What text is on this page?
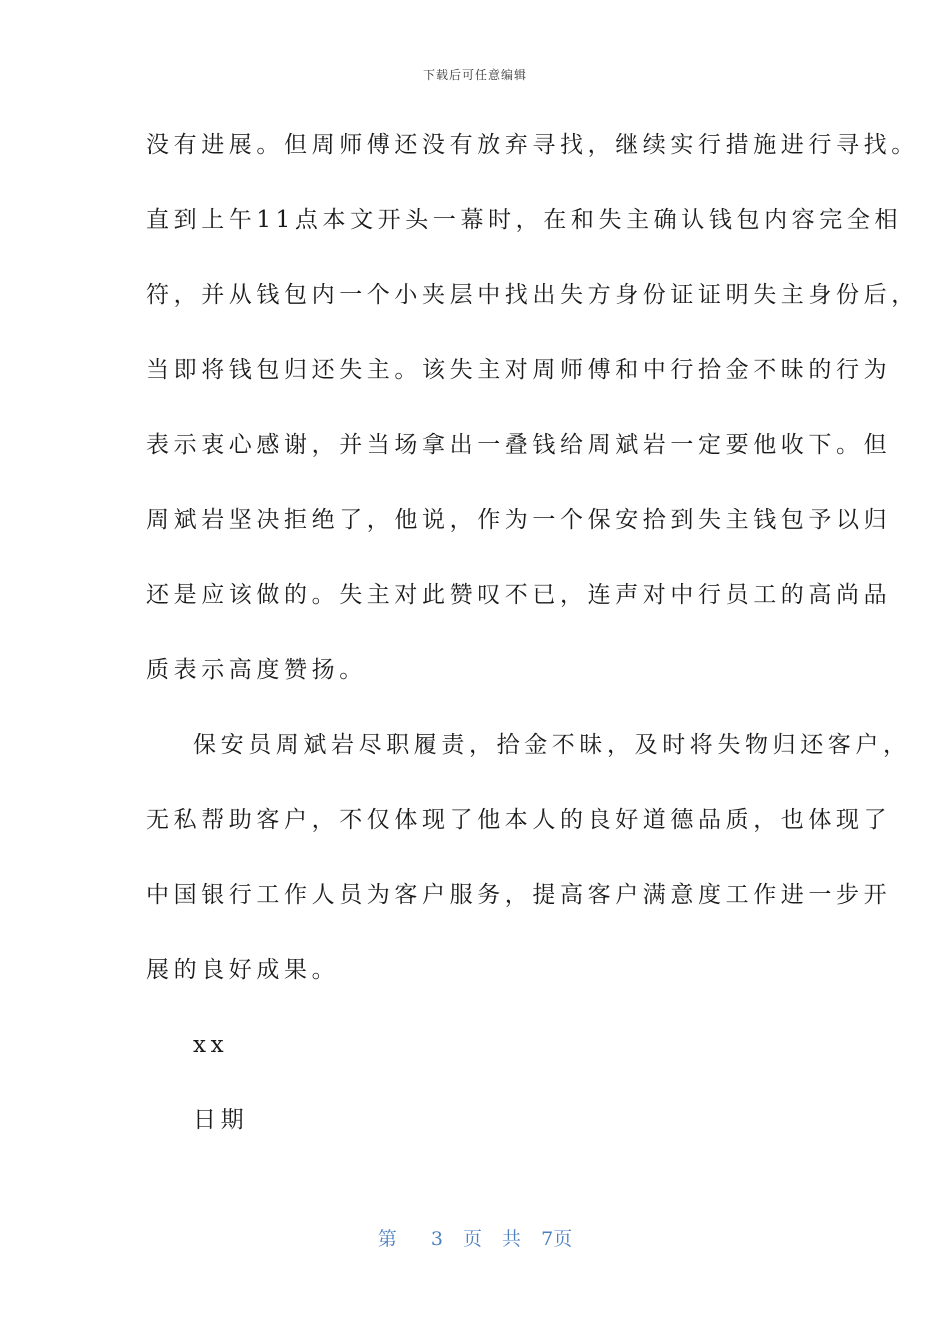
下载后可任意编辑
没有进展。但周师傅还没有放弃寻找，继续实行措施进行寻找。
直到上午11点本文开头一幕时，在和失主确认钱包内容完全相
符，并从钱包内一个小夹层中找出失方身份证证明失主身份后，
当即将钱包归还失主。该失主对周师傅和中行拾金不昧的行为
表示衷心感谢，并当场拿出一叠钱给周斌岩一定要他收下。但
周斌岩坚决拒绝了，他说，作为一个保安拾到失主钱包予以归
还是应该做的。失主对此赞叹不已，连声对中行员工的高尚品
质表示高度赞扬。
保安员周斌岩尽职履责，拾金不昧，及时将失物归还客户，
无私帮助客户，不仅体现了他本人的良好道德品质，也体现了
中国银行工作人员为客户服务，提高客户满意度工作进一步开
展的良好成果。
xx
日期
第 3 页 共 7页
